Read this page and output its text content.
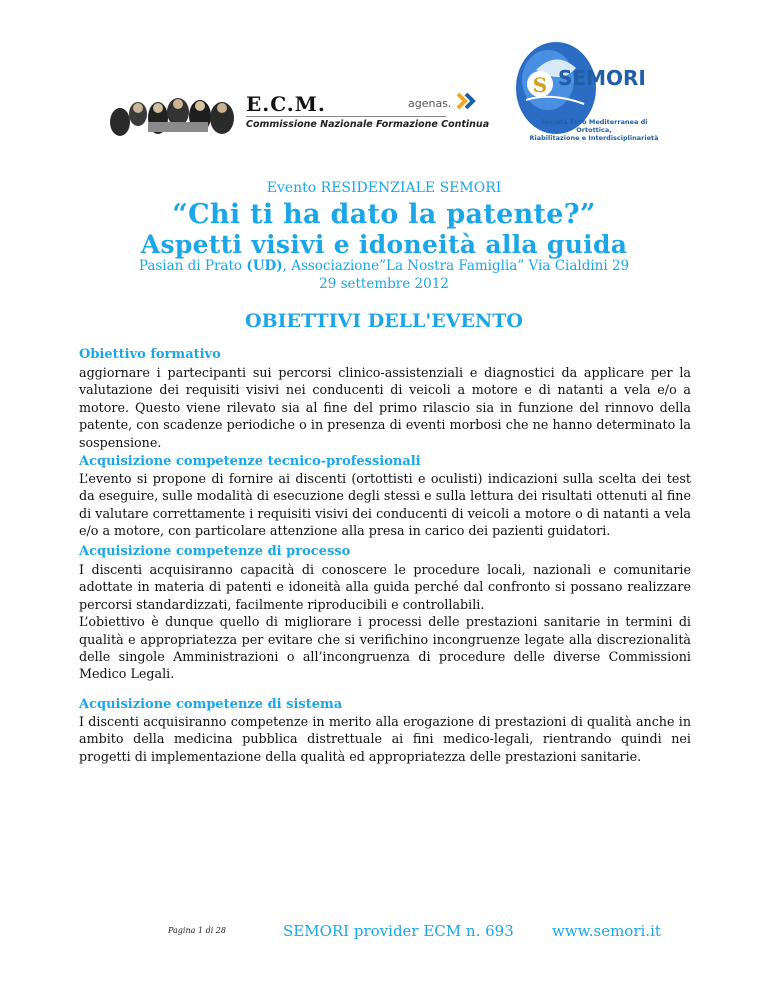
E.C.M.
Commissione Nazionale Formazione Continua
agenas.
S SEMORI
Società Euro Mediterranea di Ortottica,
Riabilitazione e Interdisciplinarietà
Evento RESIDENZIALE SEMORI
“Chi ti ha dato la patente?”
Aspetti visivi e idoneità alla guida
Pasian di Prato (UD), Associazione”La Nostra Famiglia” Via Cialdini 29
29 settembre 2012
OBIETTIVI DELL'EVENTO
Obiettivo formativo
aggiornare i partecipanti sui percorsi clinico-assistenziali e diagnostici da applicare per la valutazione dei requisiti visivi nei conducenti di veicoli a motore e di natanti a vela e/o a motore. Questo viene rilevato sia al fine del primo rilascio sia in funzione del rinnovo della patente, con scadenze periodiche o in presenza di eventi morbosi che ne hanno determinato la sospensione.
Acquisizione competenze tecnico-professionali
L’evento si propone di fornire ai discenti (ortottisti e oculisti) indicazioni sulla scelta dei test da eseguire, sulle modalità di esecuzione degli stessi e sulla lettura dei risultati ottenuti al fine di valutare correttamente i requisiti visivi dei conducenti di veicoli a motore o di natanti a vela e/o a motore, con particolare attenzione alla presa in carico dei pazienti guidatori.
Acquisizione competenze di processo
I discenti acquisiranno capacità di conoscere le procedure locali, nazionali e comunitarie adottate in materia di patenti e idoneità alla guida perché dal confronto si possano realizzare percorsi standardizzati, facilmente riproducibili e controllabili.
L’obiettivo è dunque quello di migliorare i processi delle prestazioni sanitarie in termini di qualità e appropriatezza per evitare che si verifichino incongruenze legate alla discrezionalità delle singole Amministrazioni o all’incongruenza di procedure delle diverse Commissioni Medico Legali.
Acquisizione competenze di sistema
I discenti acquisiranno competenze in merito alla erogazione di prestazioni di qualità anche in ambito della medicina pubblica distrettuale ai fini medico-legali, rientrando quindi nei progetti di implementazione della qualità ed appropriatezza delle prestazioni sanitarie.
Pagina 1 di 28	SEMORI provider ECM n. 693	www.semori.it
